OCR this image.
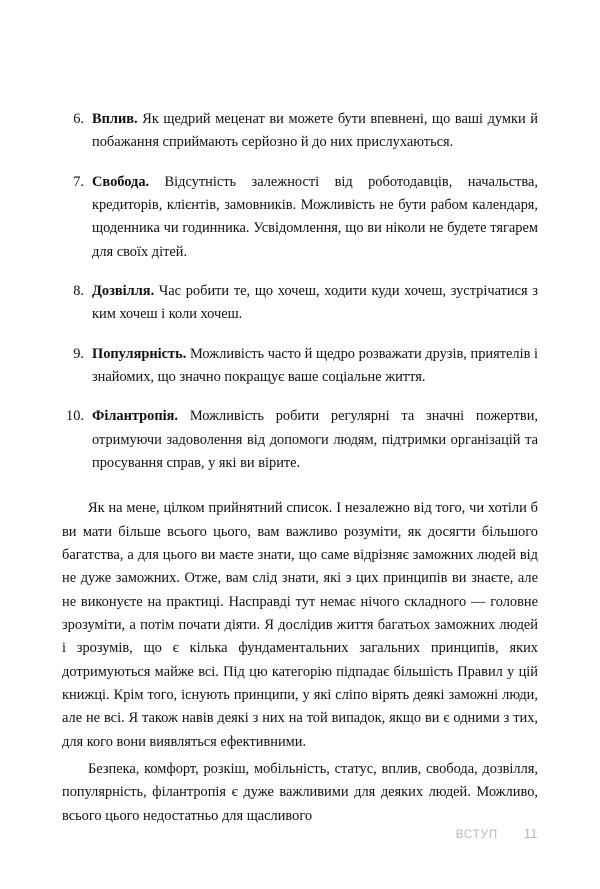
6. Вплив. Як щедрий меценат ви можете бути впевнені, що ваші думки й побажання сприймають серйозно й до них прислухаються.
7. Свобода. Відсутність залежності від роботодавців, начальства, кредиторів, клієнтів, замовників. Можливість не бути рабом календаря, щоденника чи годинника. Усвідомлення, що ви ніколи не будете тягарем для своїх дітей.
8. Дозвілля. Час робити те, що хочеш, ходити куди хочеш, зустрічатися з ким хочеш і коли хочеш.
9. Популярність. Можливість часто й щедро розважати друзів, приятелів і знайомих, що значно покращує ваше соціальне життя.
10. Філантропія. Можливість робити регулярні та значні пожертви, отримуючи задоволення від допомоги людям, підтримки організацій та просування справ, у які ви вірите.

Як на мене, цілком прийнятний список. І незалежно від того, чи хотіли б ви мати більше всього цього, вам важливо розуміти, як досягти більшого багатства, а для цього ви маєте знати, що саме відрізняє заможних людей від не дуже заможних. Отже, вам слід знати, які з цих принципів ви знаєте, але не виконуєте на практиці. Насправді тут немає нічого складного — головне зрозуміти, а потім почати діяти. Я дослідив життя багатьох заможних людей і зрозумів, що є кілька фундаментальних загальних принципів, яких дотримуються майже всі. Під цю категорію підпадає більшість Правил у цій книжці. Крім того, існують принципи, у які сліпо вірять деякі заможні люди, але не всі. Я також навів деякі з них на той випадок, якщо ви є одними з тих, для кого вони виявляться ефективними.

Безпека, комфорт, розкіш, мобільність, статус, вплив, свобода, дозвілля, популярність, філантропія є дуже важливими для деяких людей. Можливо, всього цього недостатньо для щасливого

ВСТУП 11
